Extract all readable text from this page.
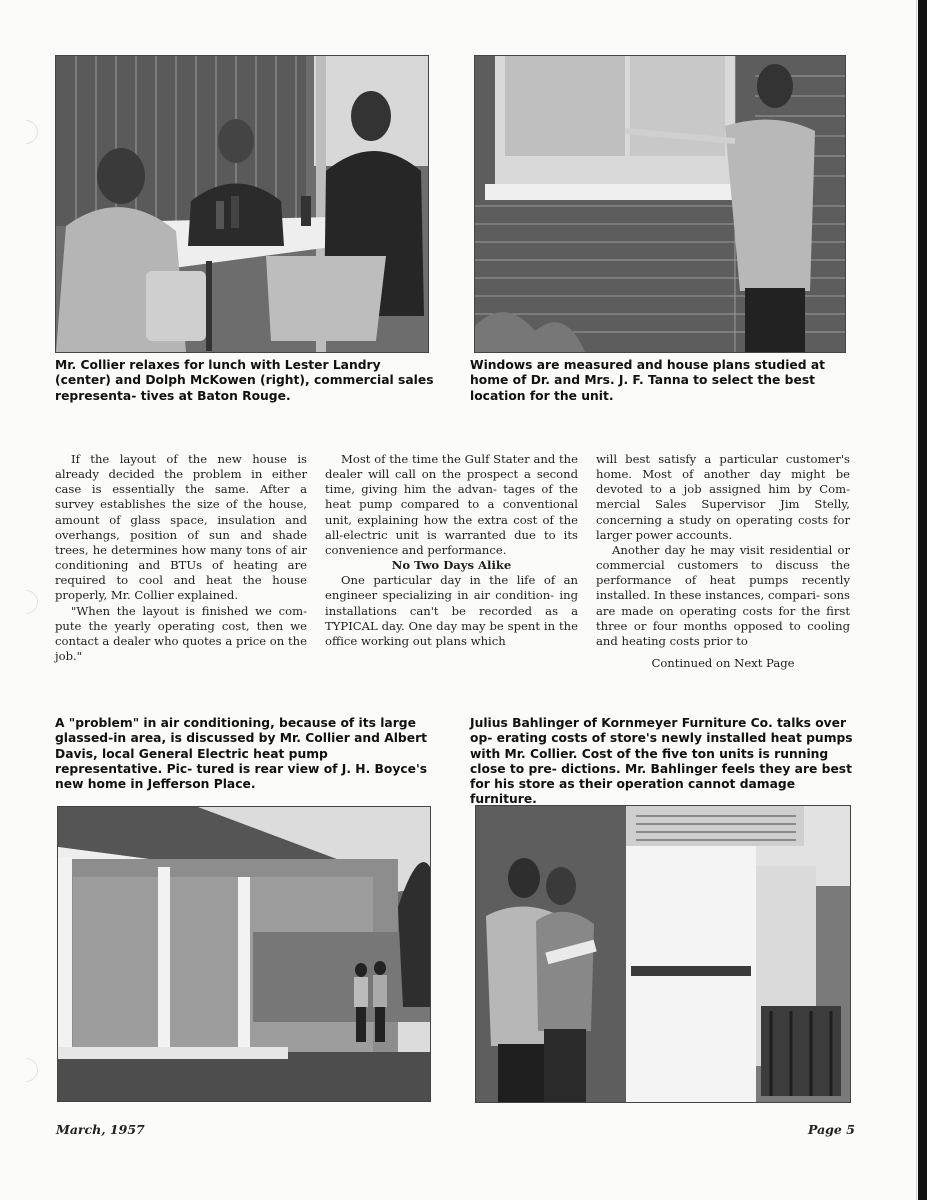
Mr. Collier relaxes for lunch with Lester Landry (center) and Dolph McKowen (right), commercial sales representa- tives at Baton Rouge.

Windows are measured and house plans studied at home of Dr. and Mrs. J. F. Tanna to select the best location for the unit.

If the layout of the new house is already decided the problem in either case is essentially the same. After a survey establishes the size of the house, amount of glass space, insulation and overhangs, position of sun and shade trees, he determines how many tons of air conditioning and BTUs of heating are required to cool and heat the house properly, Mr. Collier explained.

"When the layout is finished we com- pute the yearly operating cost, then we contact a dealer who quotes a price on the job."

Most of the time the Gulf Stater and the dealer will call on the prospect a second time, giving him the advan- tages of the heat pump compared to a conventional unit, explaining how the extra cost of the all-electric unit is warranted due to its convenience and performance.

No Two Days Alike

One particular day in the life of an engineer specializing in air condition- ing installations can't be recorded as a TYPICAL day. One day may be spent in the office working out plans which

will best satisfy a particular customer's home. Most of another day might be devoted to a job assigned him by Com- mercial Sales Supervisor Jim Stelly, concerning a study on operating costs for larger power accounts.

Another day he may visit residential or commercial customers to discuss the performance of heat pumps recently installed. In these instances, compari- sons are made on operating costs for the first three or four months opposed to cooling and heating costs prior to

Continued on Next Page

A "problem" in air conditioning, because of its large glassed-in area, is discussed by Mr. Collier and Albert Davis, local General Electric heat pump representative. Pic- tured is rear view of J. H. Boyce's new home in Jefferson Place.

Julius Bahlinger of Kornmeyer Furniture Co. talks over op- erating costs of store's newly installed heat pumps with Mr. Collier. Cost of the five ton units is running close to pre- dictions. Mr. Bahlinger feels they are best for his store as their operation cannot damage furniture.

March, 1957	Page 5
